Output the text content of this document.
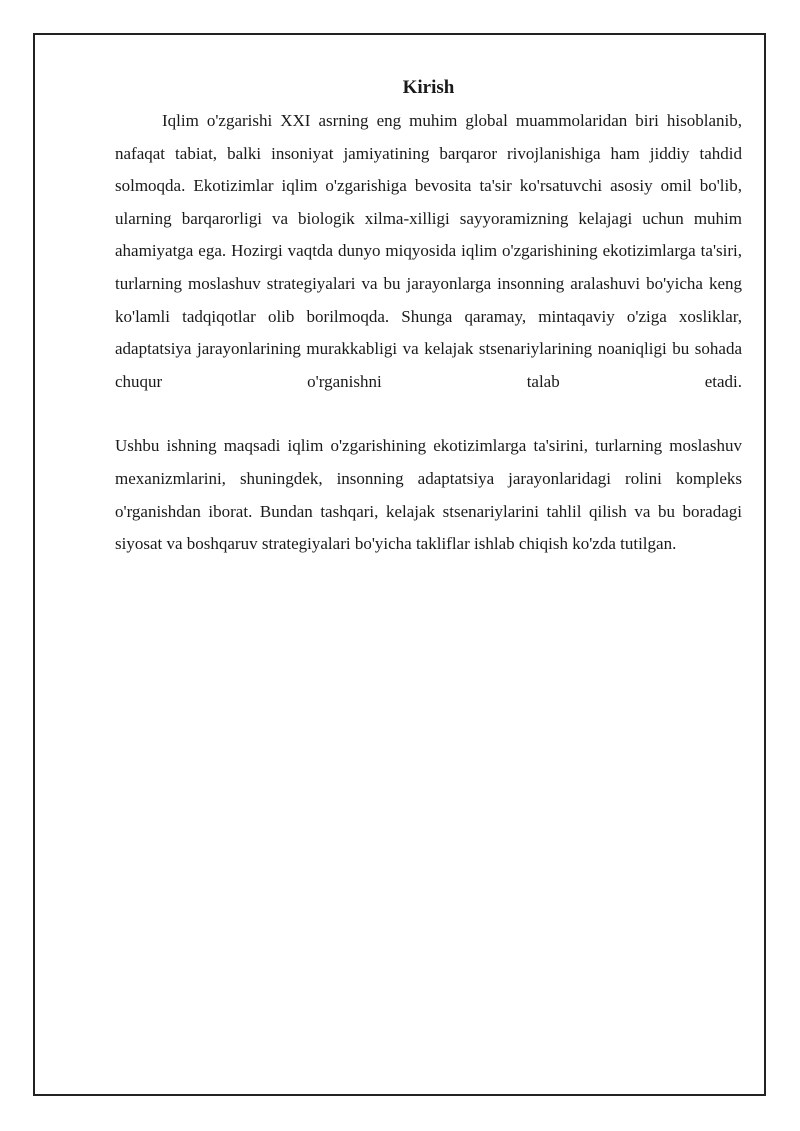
Kirish

Iqlim o'zgarishi XXI asrning eng muhim global muammolaridan biri hisoblanib, nafaqat tabiat, balki insoniyat jamiyatining barqaror rivojlanishiga ham jiddiy tahdid solmoqda. Ekotizimlar iqlim o'zgarishiga bevosita ta'sir ko'rsatuvchi asosiy omil bo'lib, ularning barqarorligi va biologik xilma-xilligi sayyoramizning kelajagi uchun muhim ahamiyatga ega. Hozirgi vaqtda dunyo miqyosida iqlim o'zgarishining ekotizimlarga ta'siri, turlarning moslashuv strategiyalari va bu jarayonlarga insonning aralashuvi bo'yicha keng ko'lamli tadqiqotlar olib borilmoqda. Shunga qaramay, mintaqaviy o'ziga xosliklar, adaptatsiya jarayonlarining murakkabligi va kelajak stsenariylarining noaniqligi bu sohada chuqur o'rganishni talab etadi.

Ushbu ishning maqsadi iqlim o'zgarishining ekotizimlarga ta'sirini, turlarning moslashuv mexanizmlarini, shuningdek, insonning adaptatsiya jarayonlaridagi rolini kompleks o'rganishdan iborat. Bundan tashqari, kelajak stsenariylarini tahlil qilish va bu boradagi siyosat va boshqaruv strategiyalari bo'yicha takliflar ishlab chiqish ko'zda tutilgan.
